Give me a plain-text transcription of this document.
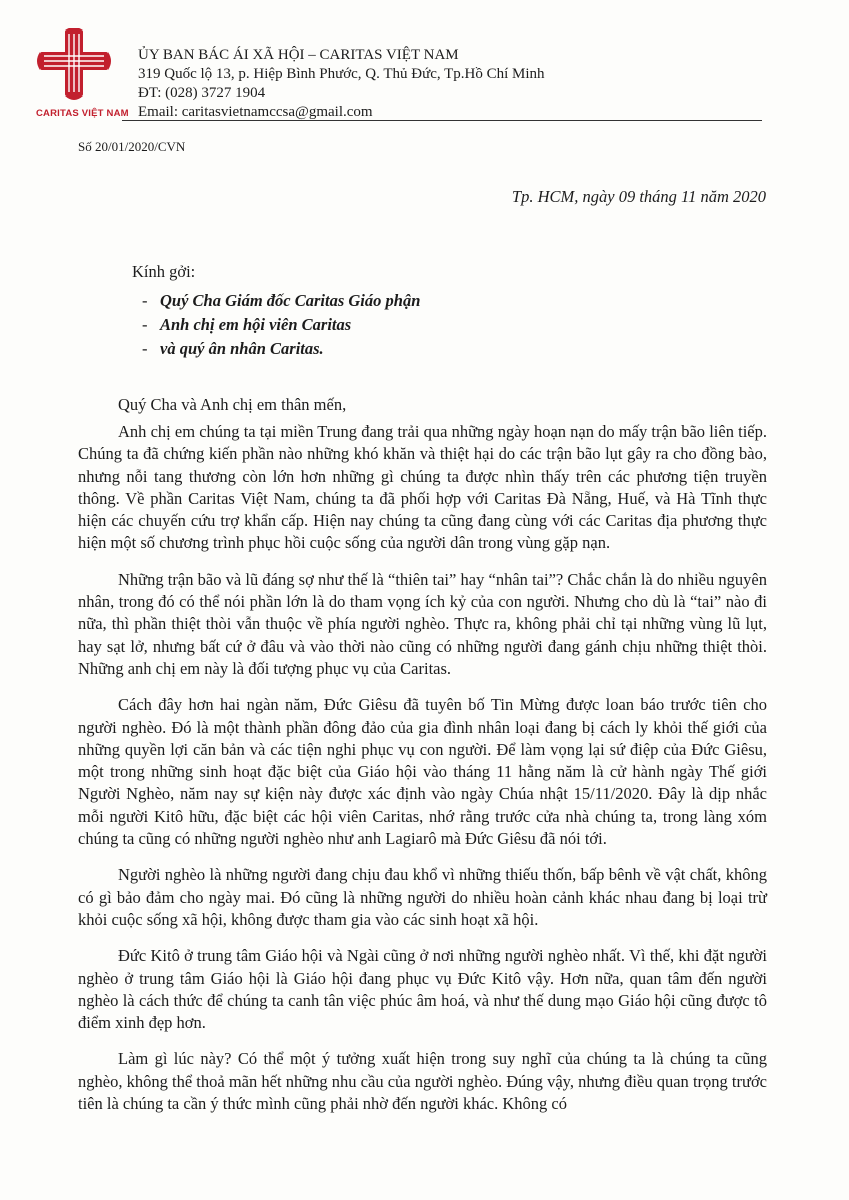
CARITAS VIỆT NAM
ỦY BAN BÁC ÁI XÃ HỘI – CARITAS VIỆT NAM
319 Quốc lộ 13, p. Hiệp Bình Phước, Q. Thủ Đức, Tp.Hồ Chí Minh
ĐT: (028) 3727 1904
Email: caritasvietnamccsa@gmail.com
Số 20/01/2020/CVN
Tp. HCM, ngày 09 tháng 11 năm 2020
Kính gởi:
- Quý Cha Giám đốc Caritas Giáo phận
- Anh chị em hội viên Caritas
- và quý ân nhân Caritas.
Quý Cha và Anh chị em thân mến,

Anh chị em chúng ta tại miền Trung đang trải qua những ngày hoạn nạn do mấy trận bão liên tiếp. Chúng ta đã chứng kiến phần nào những khó khăn và thiệt hại do các trận bão lụt gây ra cho đồng bào, nhưng nỗi tang thương còn lớn hơn những gì chúng ta được nhìn thấy trên các phương tiện truyền thông. Về phần Caritas Việt Nam, chúng ta đã phối hợp với Caritas Đà Nẵng, Huế, và Hà Tĩnh thực hiện các chuyến cứu trợ khẩn cấp. Hiện nay chúng ta cũng đang cùng với các Caritas địa phương thực hiện một số chương trình phục hồi cuộc sống của người dân trong vùng gặp nạn.

Những trận bão và lũ đáng sợ như thế là “thiên tai” hay “nhân tai”? Chắc chắn là do nhiều nguyên nhân, trong đó có thể nói phần lớn là do tham vọng ích kỷ của con người. Nhưng cho dù là “tai” nào đi nữa, thì phần thiệt thòi vẫn thuộc về phía người nghèo. Thực ra, không phải chỉ tại những vùng lũ lụt, hay sạt lở, nhưng bất cứ ở đâu và vào thời nào cũng có những người đang gánh chịu những thiệt thòi. Những anh chị em này là đối tượng phục vụ của Caritas.

Cách đây hơn hai ngàn năm, Đức Giêsu đã tuyên bố Tin Mừng được loan báo trước tiên cho người nghèo. Đó là một thành phần đông đảo của gia đình nhân loại đang bị cách ly khỏi thế giới của những quyền lợi căn bản và các tiện nghi phục vụ con người. Để làm vọng lại sứ điệp của Đức Giêsu, một trong những sinh hoạt đặc biệt của Giáo hội vào tháng 11 hằng năm là cử hành ngày Thế giới Người Nghèo, năm nay sự kiện này được xác định vào ngày Chúa nhật 15/11/2020. Đây là dịp nhắc mỗi người Kitô hữu, đặc biệt các hội viên Caritas, nhớ rằng trước cửa nhà chúng ta, trong làng xóm chúng ta cũng có những người nghèo như anh Lagiarô mà Đức Giêsu đã nói tới.

Người nghèo là những người đang chịu đau khổ vì những thiếu thốn, bấp bênh về vật chất, không có gì bảo đảm cho ngày mai. Đó cũng là những người do nhiều hoàn cảnh khác nhau đang bị loại trừ khỏi cuộc sống xã hội, không được tham gia vào các sinh hoạt xã hội.

Đức Kitô ở trung tâm Giáo hội và Ngài cũng ở nơi những người nghèo nhất. Vì thế, khi đặt người nghèo ở trung tâm Giáo hội là Giáo hội đang phục vụ Đức Kitô vậy. Hơn nữa, quan tâm đến người nghèo là cách thức để chúng ta canh tân việc phúc âm hoá, và như thế dung mạo Giáo hội cũng được tô điểm xinh đẹp hơn.

Làm gì lúc này? Có thể một ý tưởng xuất hiện trong suy nghĩ của chúng ta là chúng ta cũng nghèo, không thể thoả mãn hết những nhu cầu của người nghèo. Đúng vậy, nhưng điều quan trọng trước tiên là chúng ta cần ý thức mình cũng phải nhờ đến người khác. Không có
